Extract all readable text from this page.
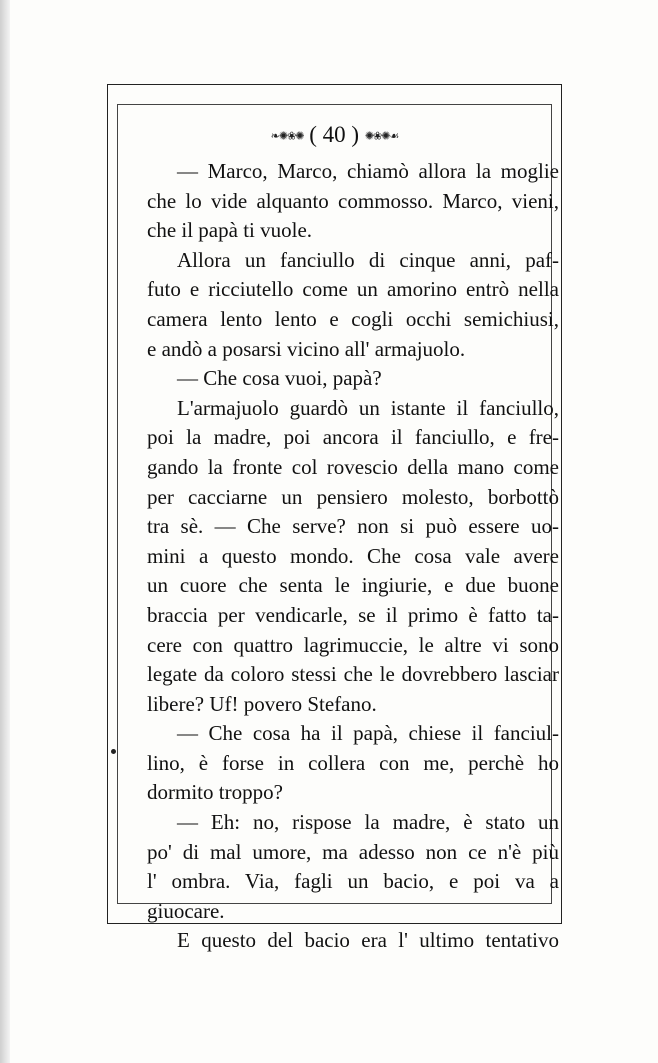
❧✺❀✺ ( 40 ) ✺❀✺☙
— Marco, Marco, chiamò allora la moglie
che lo vide alquanto commosso. Marco, vieni,
che il papà ti vuole.
Allora un fanciullo di cinque anni, paf-
futo e ricciutello come un amorino entrò nella
camera lento lento e cogli occhi semichiusi,
e andò a posarsi vicino all' armajuolo.
— Che cosa vuoi, papà?
L'armajuolo guardò un istante il fanciullo,
poi la madre, poi ancora il fanciullo, e fre-
gando la fronte col rovescio della mano come
per cacciarne un pensiero molesto, borbottò
tra sè. — Che serve? non si può essere uo-
mini a questo mondo. Che cosa vale avere
un cuore che senta le ingiurie, e due buone
braccia per vendicarle, se il primo è fatto ta-
cere con quattro lagrimuccie, le altre vi sono
legate da coloro stessi che le dovrebbero lasciar
libere? Uf! povero Stefano.
— Che cosa ha il papà, chiese il fanciul-
lino, è forse in collera con me, perchè ho
dormito troppo?
— Eh: no, rispose la madre, è stato un
po' di mal umore, ma adesso non ce n'è più
l' ombra. Via, fagli un bacio, e poi va a
giuocare.
E questo del bacio era l' ultimo tentativo
